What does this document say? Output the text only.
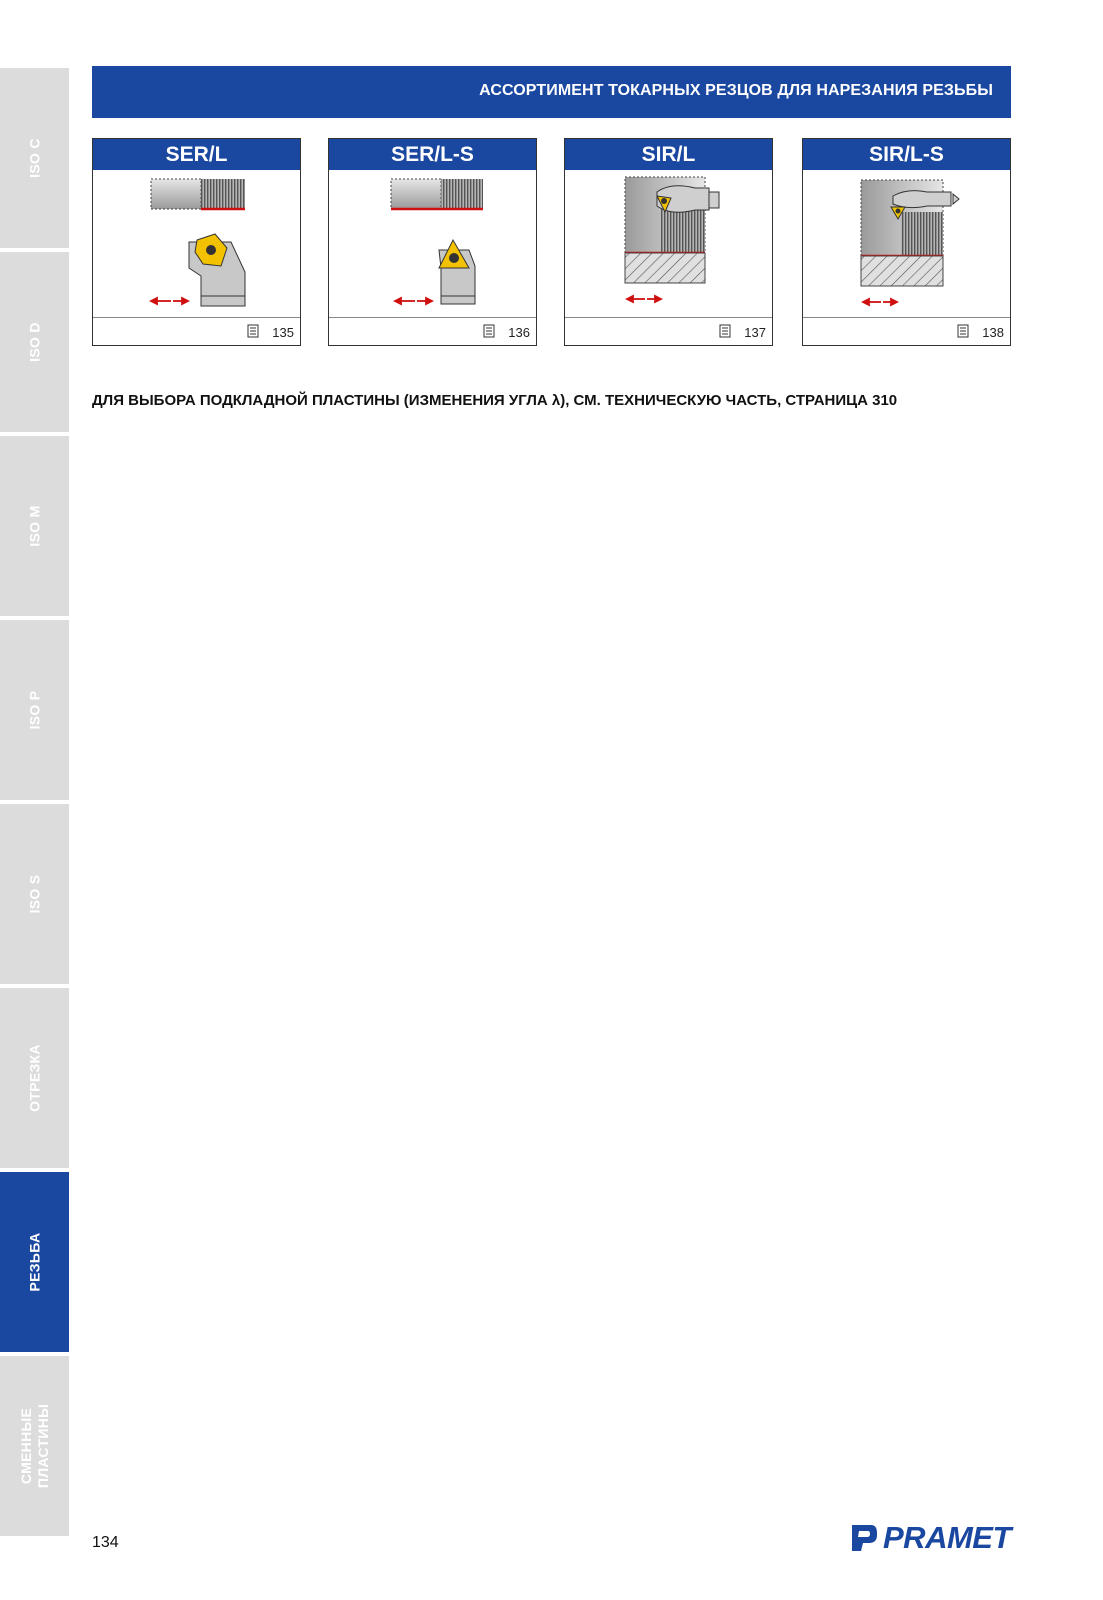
ISO C
ISO D
ISO M
ISO P
ISO S
ОТРЕЗКА
РЕЗЬБА
СМЕННЫЕ
ПЛАСТИНЫ
АССОРТИМЕНТ ТОКАРНЫХ РЕЗЦОВ ДЛЯ НАРЕЗАНИЯ РЕЗЬБЫ
SER/L
135
SER/L-S
136
SIR/L
137
SIR/L-S
138
ДЛЯ ВЫБОРА ПОДКЛАДНОЙ ПЛАСТИНЫ (ИЗМЕНЕНИЯ УГЛА λ), СМ. ТЕХНИЧЕСКУЮ ЧАСТЬ, СТРАНИЦА 310
134	PRAMET
